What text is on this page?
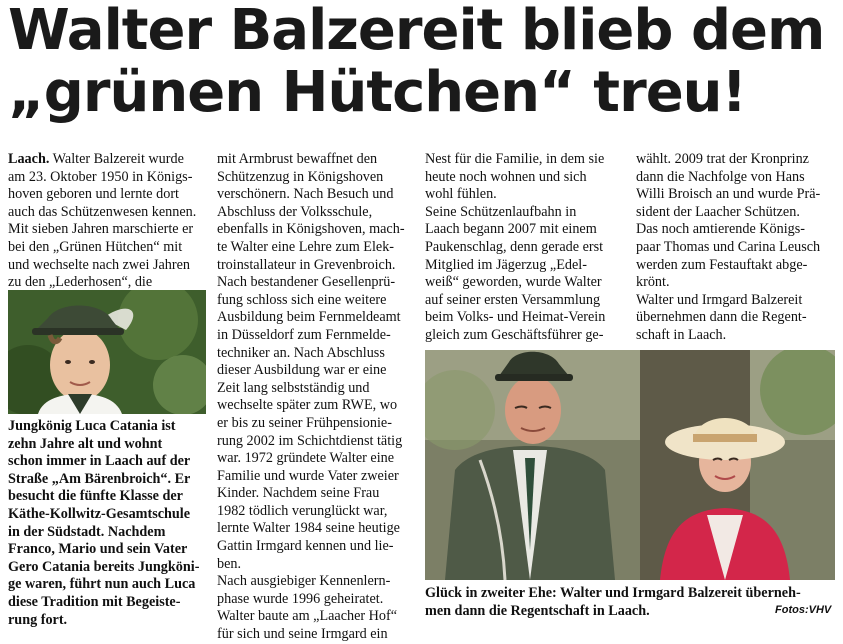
Walter Balzereit blieb dem
„grünen Hütchen“ treu!

Laach. Walter Balzereit wurde
am 23. Oktober 1950 in Königs-
hoven geboren und lernte dort
auch das Schützenwesen kennen.
Mit sieben Jahren marschierte er
bei den „Grünen Hütchen“ mit
und wechselte nach zwei Jahren
zu den „Lederhosen“, die

Jungkönig Luca Catania ist
zehn Jahre alt und wohnt
schon immer in Laach auf der
Straße „Am Bärenbroich“. Er
besucht die fünfte Klasse der
Käthe-Kollwitz-Gesamtschule
in der Südstadt. Nachdem
Franco, Mario und sein Vater
Gero Catania bereits Jungköni-
ge waren, führt nun auch Luca
diese Tradition mit Begeiste-
rung fort.

mit Armbrust bewaffnet den
Schützenzug in Königshoven
verschönern. Nach Besuch und
Abschluss der Volksschule,
ebenfalls in Königshoven, mach-
te Walter eine Lehre zum Elek-
troinstallateur in Grevenbroich.
Nach bestandener Gesellenprü-
fung schloss sich eine weitere
Ausbildung beim Fernmeldeamt
in Düsseldorf zum Fernmelde-
techniker an. Nach Abschluss
dieser Ausbildung war er eine
Zeit lang selbstständig und
wechselte später zum RWE, wo
er bis zu seiner Frühpensionie-
rung 2002 im Schichtdienst tätig
war. 1972 gründete Walter eine
Familie und wurde Vater zweier
Kinder. Nachdem seine Frau
1982 tödlich verunglückt war,
lernte Walter 1984 seine heutige
Gattin Irmgard kennen und lie-
ben.
Nach ausgiebiger Kennenlern-
phase wurde 1996 geheiratet.
Walter baute am „Laacher Hof“
für sich und seine Irmgard ein

Nest für die Familie, in dem sie
heute noch wohnen und sich
wohl fühlen.
Seine Schützenlaufbahn in
Laach begann 2007 mit einem
Paukenschlag, denn gerade erst
Mitglied im Jägerzug „Edel-
weiß“ geworden, wurde Walter
auf seiner ersten Versammlung
beim Volks- und Heimat-Verein
gleich zum Geschäftsführer ge-

wählt. 2009 trat der Kronprinz
dann die Nachfolge von Hans
Willi Broisch an und wurde Prä-
sident der Laacher Schützen.
Das noch amtierende Königs-
paar Thomas und Carina Leusch
werden zum Festauftakt abge-
krönt.
Walter und Irmgard Balzereit
übernehmen dann die Regent-
schaft in Laach.

Glück in zweiter Ehe: Walter und Irmgard Balzereit überneh-
men dann die Regentschaft in Laach.	Fotos:VHV
